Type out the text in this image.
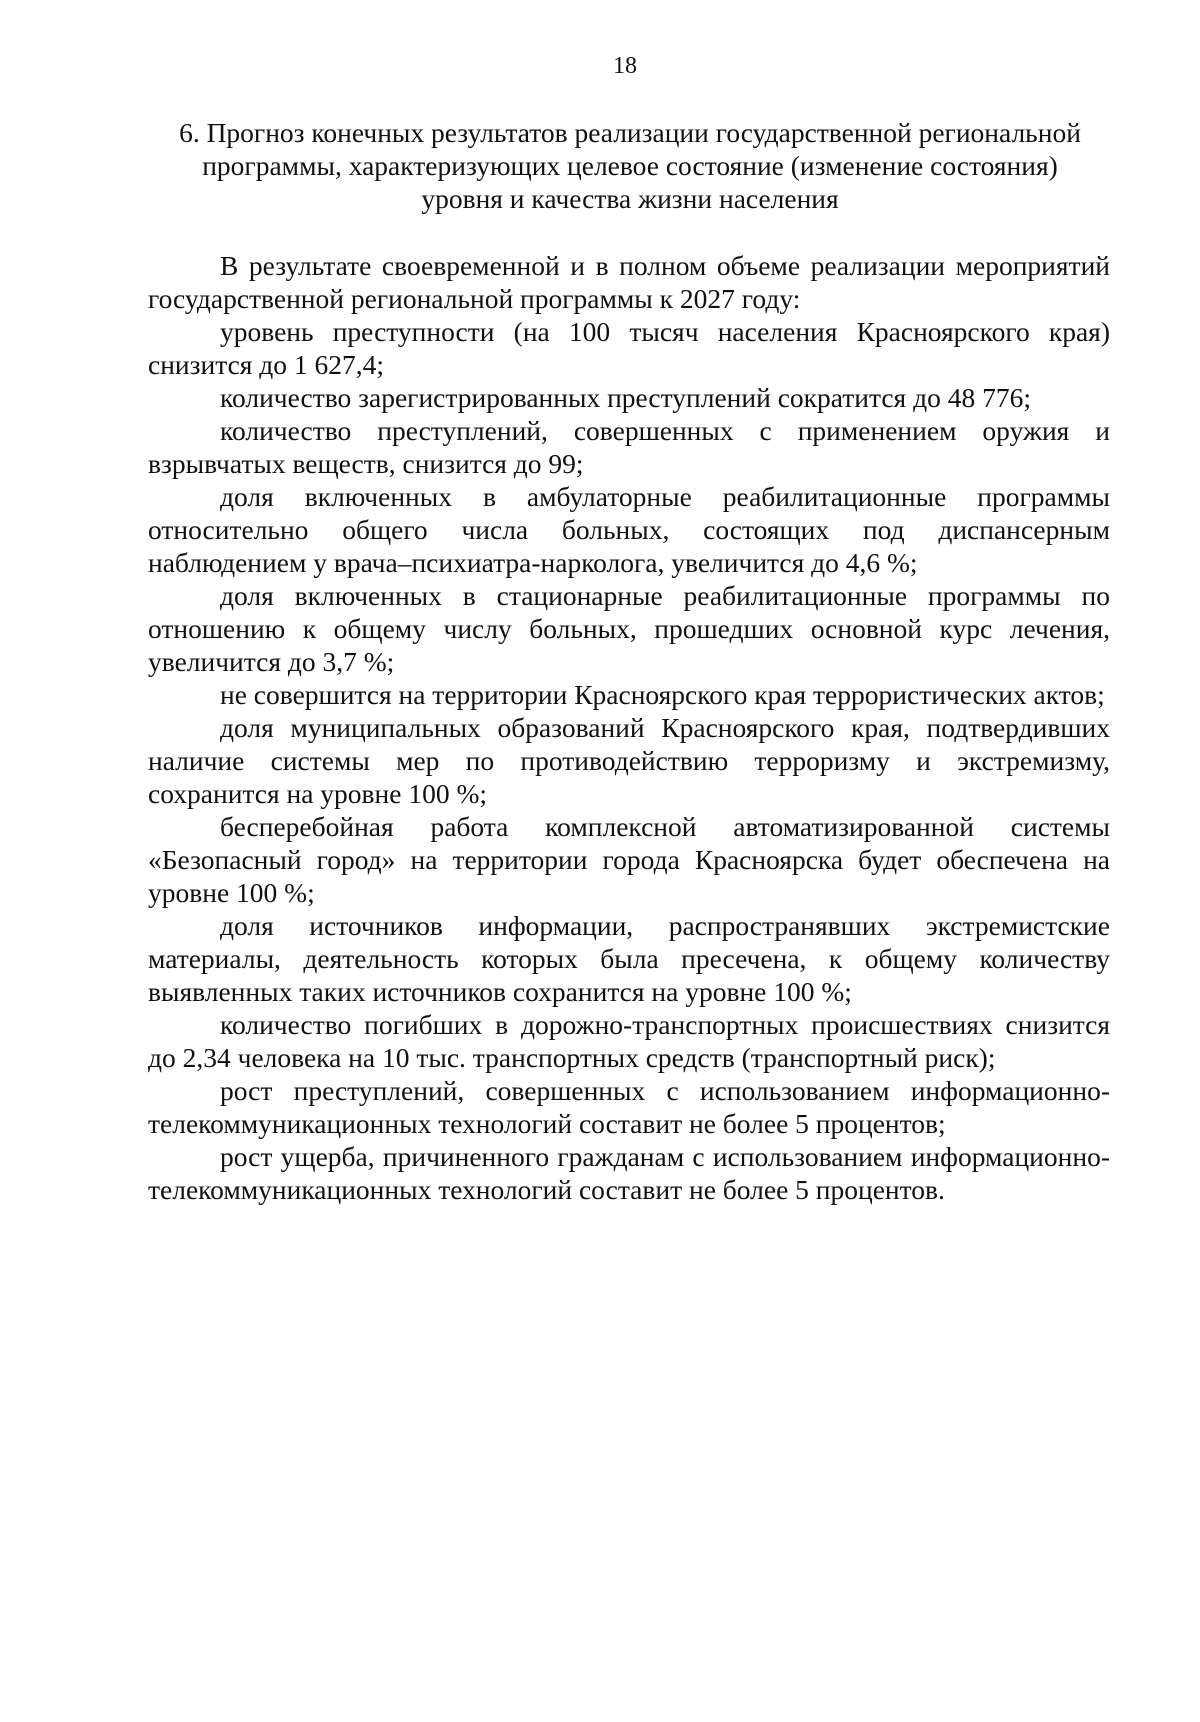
18
6. Прогноз конечных результатов реализации государственной региональной
программы, характеризующих целевое состояние (изменение состояния)
уровня и качества жизни населения

В результате своевременной и в полном объеме реализации мероприятий государственной региональной программы к 2027 году:

уровень преступности (на 100 тысяч населения Красноярского края) снизится до 1 627,4;

количество зарегистрированных преступлений сократится до 48 776;

количество преступлений, совершенных с применением оружия и взрывчатых веществ, снизится до 99;

доля включенных в амбулаторные реабилитационные программы относительно общего числа больных, состоящих под диспансерным наблюдением у врача–психиатра-нарколога, увеличится до 4,6 %;

доля включенных в стационарные реабилитационные программы по отношению к общему числу больных, прошедших основной курс лечения, увеличится до 3,7 %;

не совершится на территории Красноярского края террористических актов;

доля муниципальных образований Красноярского края, подтвердивших наличие системы мер по противодействию терроризму и экстремизму, сохранится на уровне 100 %;

бесперебойная работа комплексной автоматизированной системы «Безопасный город» на территории города Красноярска будет обеспечена на уровне 100 %;

доля источников информации, распространявших экстремистские материалы, деятельность которых была пресечена, к общему количеству выявленных таких источников сохранится на уровне 100 %;

количество погибших в дорожно-транспортных происшествиях снизится до 2,34 человека на 10 тыс. транспортных средств (транспортный риск);

рост преступлений, совершенных с использованием информационно-телекоммуникационных технологий составит не более 5 процентов;

рост ущерба, причиненного гражданам с использованием информационно-телекоммуникационных технологий составит не более 5 процентов.
